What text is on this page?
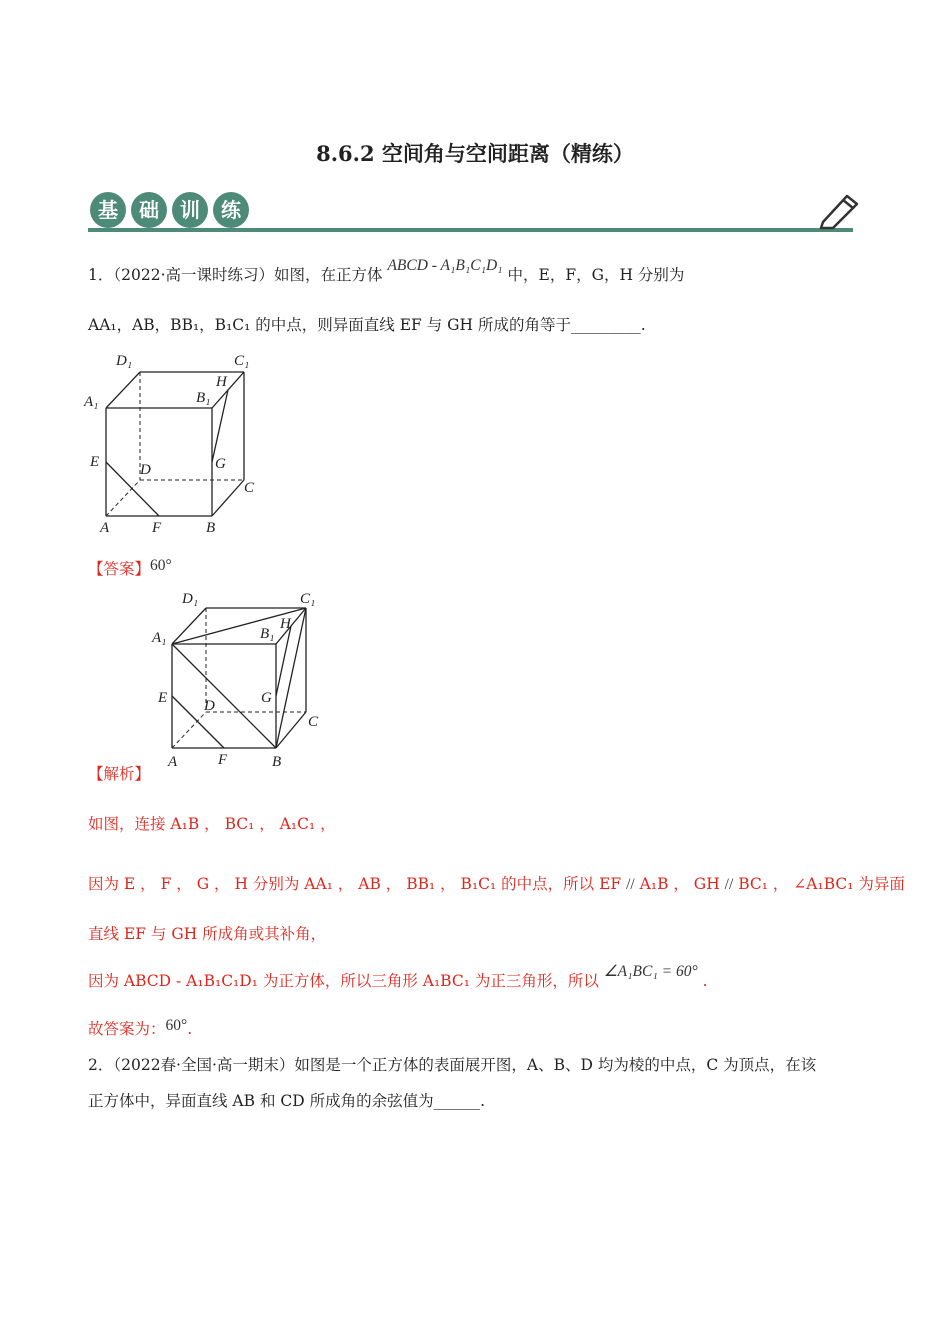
8.6.2 空间角与空间距离（精练）
基	础	训	练
1．（2022·高一课时练习）如图，在正方体 ABCD - A₁B₁C₁D₁ 中，E，F，G，H 分别为
AA₁，AB，BB₁，B₁C₁ 的中点，则异面直线 EF 与 GH 所成的角等于_________.
D₁	C₁
A₁	B₁
H
E	D	G
C
A	F	B
【答案】60°
D₁	C₁
A₁	B₁
H
E D	G
C
A	F	B
【解析】
如图，连接 A₁B ， BC₁ ， A₁C₁ ，
因为 E ， F ， G ， H 分别为 AA₁ ， AB ， BB₁ ， B₁C₁ 的中点，所以 EF // A₁B ， GH // BC₁ ， ∠A₁BC₁ 为异面
直线 EF 与 GH 所成角或其补角，
因为 ABCD - A₁B₁C₁D₁ 为正方体，所以三角形 A₁BC₁ 为正三角形，所以 ∠A₁BC₁ = 60° .
故答案为：60°.
2．（2022春·全国·高一期末）如图是一个正方体的表面展开图，A、B、D 均为棱的中点，C 为顶点，在该
正方体中，异面直线 AB 和 CD 所成角的余弦值为______.
